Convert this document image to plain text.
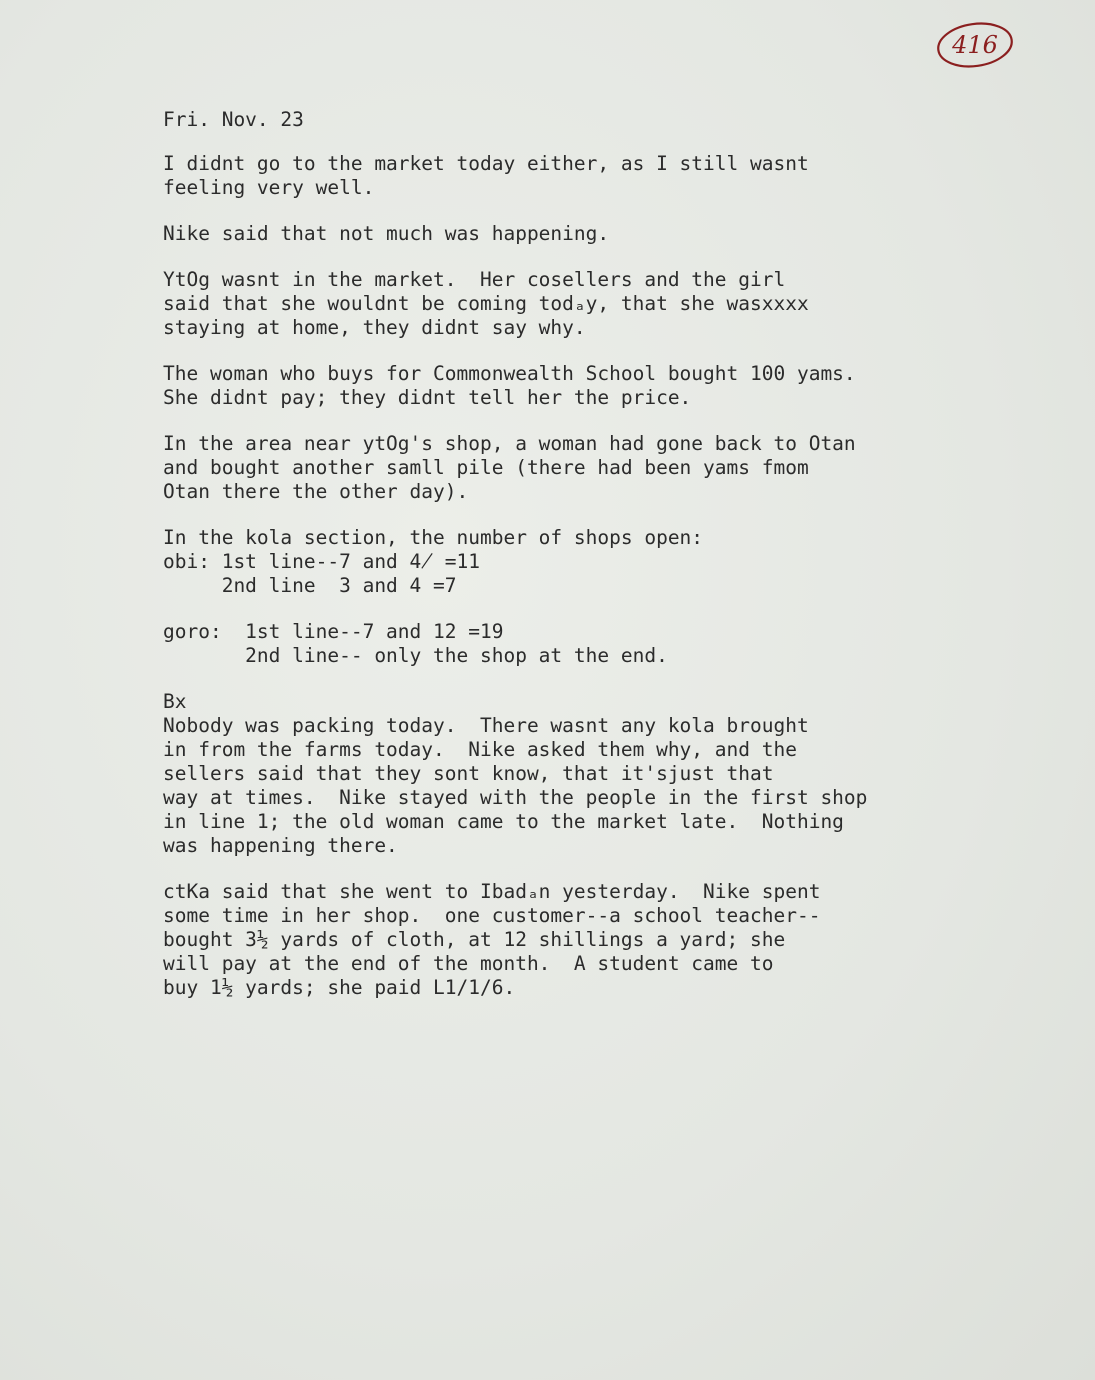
416
Fri. Nov. 23
I didnt go to the market today either, as I still wasnt
feeling very well.
Nike said that not much was happening.
YtOg wasnt in the market.  Her cosellers and the girl
said that she wouldnt be coming todₐy, that she wasxxxx
staying at home, they didnt say why.
The woman who buys for Commonwealth School bought 100 yams.
She didnt pay; they didnt tell her the price.
In the area near ytOg's shop, a woman had gone back to Otan
and bought another samll pile (there had been yams fmom
Otan there the other day).
In the kola section, the number of shops open:
obi: 1st line--7 and 4̸ =11
2nd line  3 and 4 =7
goro:  1st line--7 and 12 =19
2nd line-- only the shop at the end.
Bx
Nobody was packing today.  There wasnt any kola brought
in from the farms today.  Nike asked them why, and the
sellers said that they sont know, that it'sjust that
way at times.  Nike stayed with the people in the first shop
in line 1; the old woman came to the market late.  Nothing
was happening there.
ctKa said that she went to Ibadₐn yesterday.  Nike spent
some time in her shop.  one customer--a school teacher--
bought 3½ yards of cloth, at 12 shillings a yard; she
will pay at the end of the month.  A student came to
buy 1½ yards; she paid L1/1/6.
